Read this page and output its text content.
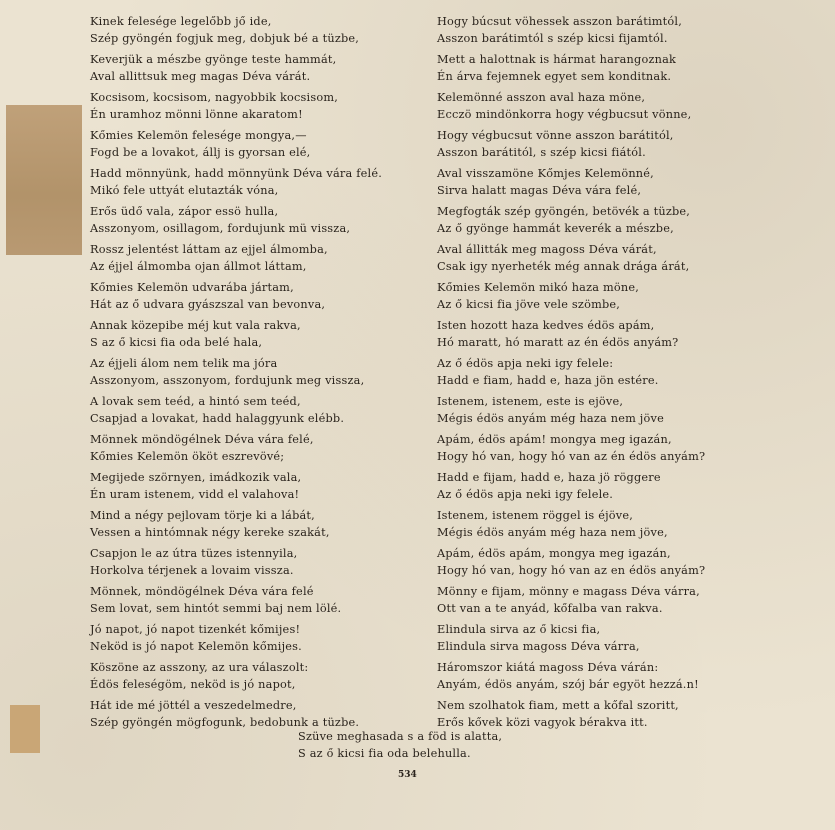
Kinek felesége legelőbb jő ide,
Szép gyöngén fogjuk meg, dobjuk bé a tüzbe,
Keverjük a mészbe gyönge teste hammát,
Aval allittsuk meg magas Déva várát.
Kocsisom, kocsisom, nagyobbik kocsisom,
Én uramhoz mönni lönne akaratom!
Kőmies Kelemön felesége mongya,—
Fogd be a lovakot, állj is gyorsan elé,
Hadd mönnyünk, hadd mönnyünk Déva vára felé.
Mikó fele uttyát elutazták vóna,
Erős üdő vala, zápor essö hulla,
Asszonyom, osillagom, fordujunk mü vissza,
Rossz jelentést láttam az ejjel álmomba,
Az éjjel álmomba ojan állmot láttam,
Kőmies Kelemön udvarába jártam,
Hát az ő udvara gyászszal van bevonva,
Annak közepibe méj kut vala rakva,
S az ő kicsi fia oda belé hala,
Az éjjeli álom nem telik ma jóra
Asszonyom, asszonyom, fordujunk meg vissza,
A lovak sem teéd, a hintó sem teéd,
Csapjad a lovakat, hadd halaggyunk elébb.
Mönnek möndögélnek Déva vára felé,
Kőmies Kelemön ököt eszrevövé;
Megijede szörnyen, imádkozik vala,
Én uram istenem, vidd el valahova!
Mind a négy pejlovam törje ki a lábát,
Vessen a hintómnak négy kereke szakát,
Csapjon le az útra tüzes istennyila,
Horkolva térjenek a lovaim vissza.
Mönnek, möndögélnek Déva vára felé
Sem lovat, sem hintót semmi baj nem lölé.
Jó napot, jó napot tizenkét kőmijes!
Neköd is jó napot Kelemön kőmijes.
Köszöne az asszony, az ura válaszolt:
Édös feleségöm, neköd is jó napot,
Hát ide mé jöttél a veszedelmedre,
Szép gyöngén mögfogunk, bedobunk a tüzbe.
Hogy búcsut vöhessek asszon barátimtól,
Asszon barátimtól s szép kicsi fijamtól.
Mett a halottnak is hármat harangoznak
Én árva fejemnek egyet sem konditnak.
Kelemönné asszon aval haza möne,
Ecczö mindönkorra hogy végbucsut vönne,
Hogy végbucsut vönne asszon barátitól,
Asszon barátitól, s szép kicsi fiától.
Aval visszamöne Kőmjes Kelemönné,
Sirva halatt magas Déva vára felé,
Megfogták szép gyöngén, betövék a tüzbe,
Az ő gyönge hammát keverék a mészbe,
Aval állitták meg magoss Déva várát,
Csak igy nyerheték még annak drága árát,
Kőmies Kelemön mikó haza möne,
Az ő kicsi fia jöve vele szömbe,
Isten hozott haza kedves édös apám,
Hó maratt, hó maratt az én édös anyám?
Az ő édös apja neki igy felele:
Hadd e fiam, hadd e, haza jön estére.
Istenem, istenem, este is ejöve,
Mégis édös anyám még haza nem jöve
Apám, édös apám! mongya meg igazán,
Hogy hó van, hogy hó van az én édös anyám?
Hadd e fijam, hadd e, haza jö röggere
Az ő édös apja neki igy felele.
Istenem, istenem röggel is éjöve,
Mégis édös anyám még haza nem jöve,
Apám, édös apám, mongya meg igazán,
Hogy hó van, hogy hó van az en édös anyám?
Mönny e fijam, mönny e magass Déva várra,
Ott van a te anyád, kőfalba van rakva.
Elindula sirva az ő kicsi fia,
Elindula sirva magoss Déva várra,
Háromszor kiátá magoss Déva várán:
Anyám, édös anyám, szój bár egyöt hezzá.n!
Nem szolhatok fiam, mett a kőfal szoritt,
Erős kővek közi vagyok bérakva itt.
Szüve meghasada s a föd is alatta,
S az ő kicsi fia oda belehulla.
534
